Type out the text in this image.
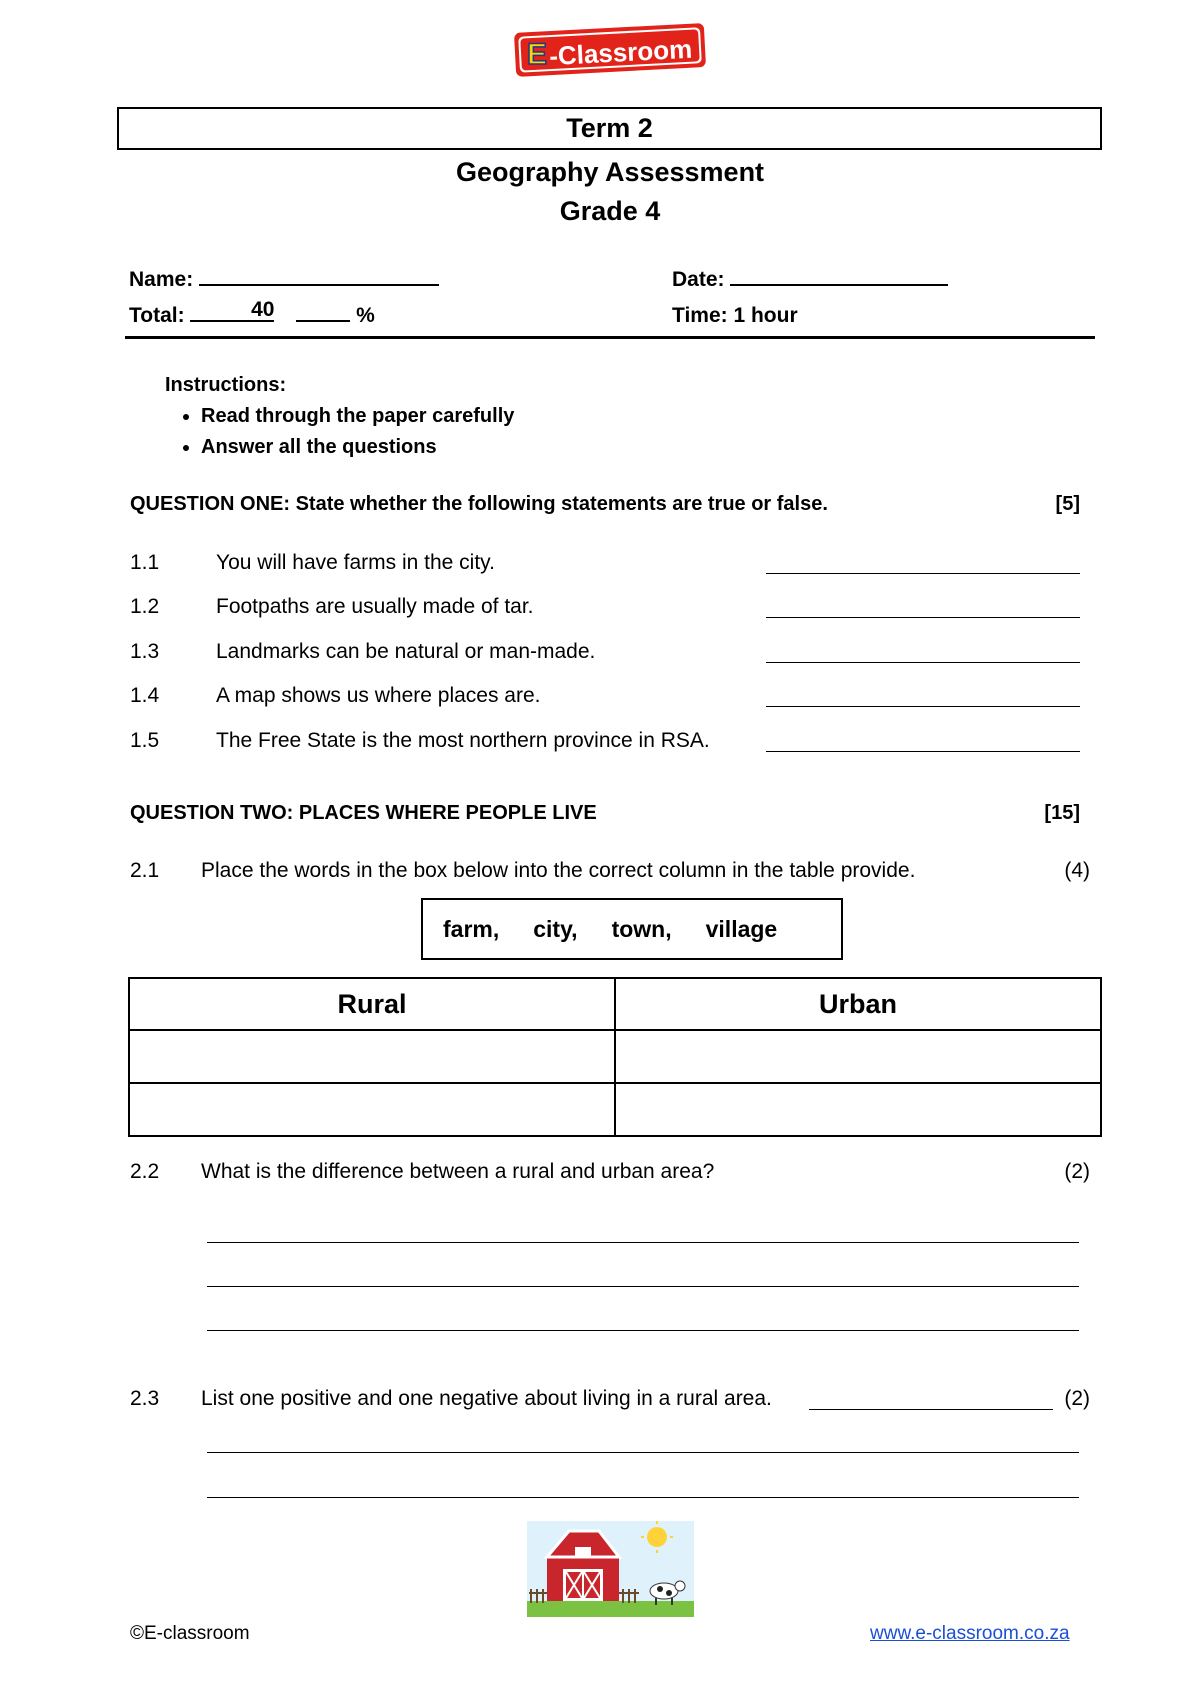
E -Classroom
Term 2
Geography Assessment
Grade 4
Name:	Date:
Total:	40	%	Time: 1 hour
Instructions:
• Read through the paper carefully
• Answer all the questions
QUESTION ONE: State whether the following statements are true or false.	[5]
1.1	You will have farms in the city.
1.2	Footpaths are usually made of tar.
1.3	Landmarks can be natural or man-made.
1.4	A map shows us where places are.
1.5	The Free State is the most northern province in RSA.
QUESTION TWO: PLACES WHERE PEOPLE LIVE	[15]
2.1 Place the words in the box below into the correct column in the table provide.	(4)
farm, city, town, village
Rural	Urban

2.2 What is the difference between a rural and urban area?	(2)
2.3 List one positive and one negative about living in a rural area.	(2)
©E-classroom	www.e-classroom.co.za
